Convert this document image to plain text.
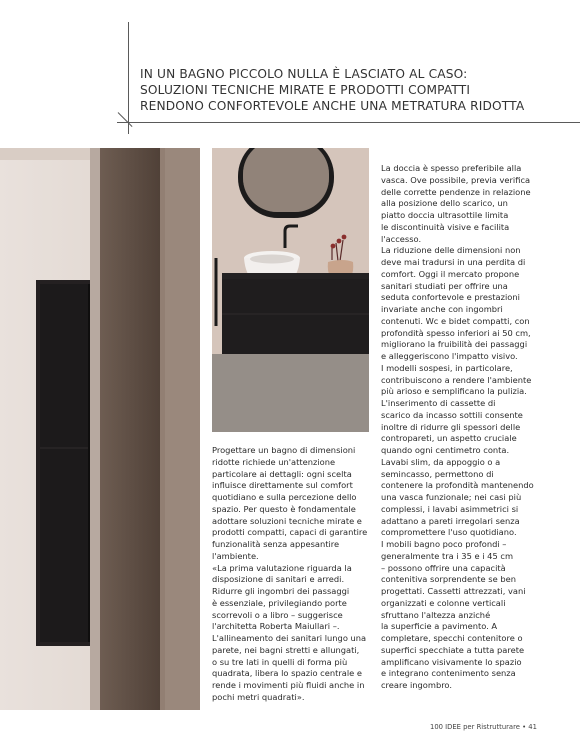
IN UN BAGNO PICCOLO NULLA È LASCIATO AL CASO:
SOLUZIONI TECNICHE MIRATE E PRODOTTI COMPATTI
RENDONO CONFORTEVOLE ANCHE UNA METRATURA RIDOTTA
Progettare un bagno di dimensioni
ridotte richiede un'attenzione
particolare ai dettagli: ogni scelta
influisce direttamente sul comfort
quotidiano e sulla percezione dello
spazio. Per questo è fondamentale
adottare soluzioni tecniche mirate e
prodotti compatti, capaci di garantire
funzionalità senza appesantire
l'ambiente.
«La prima valutazione riguarda la
disposizione di sanitari e arredi.
Ridurre gli ingombri dei passaggi
è essenziale, privilegiando porte
scorrevoli o a libro – suggerisce
l'architetta Roberta Maiullari –.
L'allineamento dei sanitari lungo una
parete, nei bagni stretti e allungati,
o su tre lati in quelli di forma più
quadrata, libera lo spazio centrale e
rende i movimenti più fluidi anche in
pochi metri quadrati».
La doccia è spesso preferibile alla
vasca. Ove possibile, previa verifica
delle corrette pendenze in relazione
alla posizione dello scarico, un
piatto doccia ultrasottile limita
le discontinuità visive e facilita
l'accesso.
La riduzione delle dimensioni non
deve mai tradursi in una perdita di
comfort. Oggi il mercato propone
sanitari studiati per offrire una
seduta confortevole e prestazioni
invariate anche con ingombri
contenuti. Wc e bidet compatti, con
profondità spesso inferiori ai 50 cm,
migliorano la fruibilità dei passaggi
e alleggeriscono l'impatto visivo.
I modelli sospesi, in particolare,
contribuiscono a rendere l'ambiente
più arioso e semplificano la pulizia.
L'inserimento di cassette di
scarico da incasso sottili consente
inoltre di ridurre gli spessori delle
contropareti, un aspetto cruciale
quando ogni centimetro conta.
Lavabi slim, da appoggio o a
semincasso, permettono di
contenere la profondità mantenendo
una vasca funzionale; nei casi più
complessi, i lavabi asimmetrici si
adattano a pareti irregolari senza
compromettere l'uso quotidiano.
I mobili bagno poco profondi –
generalmente tra i 35 e i 45 cm
– possono offrire una capacità
contenitiva sorprendente se ben
progettati. Cassetti attrezzati, vani
organizzati e colonne verticali
sfruttano l'altezza anziché
la superficie a pavimento. A
completare, specchi contenitore o
superfici specchiate a tutta parete
amplificano visivamente lo spazio
e integrano contenimento senza
creare ingombro.
100 IDEE per Ristrutturare • 41
